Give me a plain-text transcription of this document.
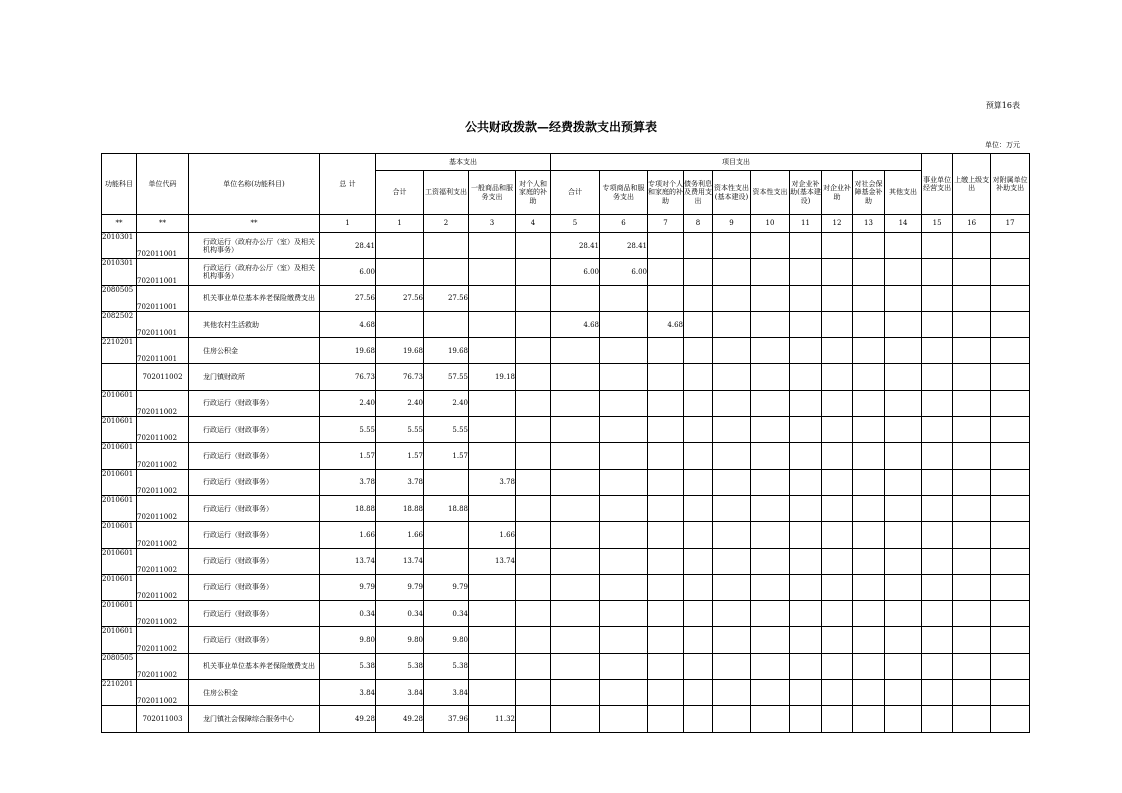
预算16表
公共财政拨款—经费拨款支出预算表
单位：万元
功能科目	单位代码	单位名称(功能科目)	总 计	基本支出				项目支出										事业单位经营支出	上缴上级支出	对附属单位补助支出
				合计	工资福利支出	一般商品和服务支出	对个人和家庭的补助	合计	专项商品和服务支出	专项对个人和家庭的补助	债务利息及费用支出	资本性支出(基本建设)	资本性支出	对企业补助(基本建设)	对企业补助	对社会保障基金补助	其他支出			
**	**	**	1	1	2	3	4	5	6	7	8	9	10	11	12	13	14	15	16	17
2010301	702011001	行政运行（政府办公厅（室）及相关机构事务）	28.41					28.41	28.41											
2010301	702011001	行政运行（政府办公厅（室）及相关机构事务）	6.00					6.00	6.00											
2080505	702011001	机关事业单位基本养老保险缴费支出	27.56	27.56	27.56															
2082502	702011001	其他农村生活救助	4.68					4.68		4.68										
2210201	702011001	住房公积金	19.68	19.68	19.68															
	702011002	龙门镇财政所	76.73	76.73	57.55	19.18														
2010601	702011002	行政运行（财政事务）	2.40	2.40	2.40															
2010601	702011002	行政运行（财政事务）	5.55	5.55	5.55															
2010601	702011002	行政运行（财政事务）	1.57	1.57	1.57															
2010601	702011002	行政运行（财政事务）	3.78	3.78		3.78														
2010601	702011002	行政运行（财政事务）	18.88	18.88	18.88															
2010601	702011002	行政运行（财政事务）	1.66	1.66		1.66														
2010601	702011002	行政运行（财政事务）	13.74	13.74		13.74														
2010601	702011002	行政运行（财政事务）	9.79	9.79	9.79															
2010601	702011002	行政运行（财政事务）	0.34	0.34	0.34															
2010601	702011002	行政运行（财政事务）	9.80	9.80	9.80															
2080505	702011002	机关事业单位基本养老保险缴费支出	5.38	5.38	5.38															
2210201	702011002	住房公积金	3.84	3.84	3.84															
	702011003	龙门镇社会保障综合服务中心	49.28	49.28	37.96	11.32														
